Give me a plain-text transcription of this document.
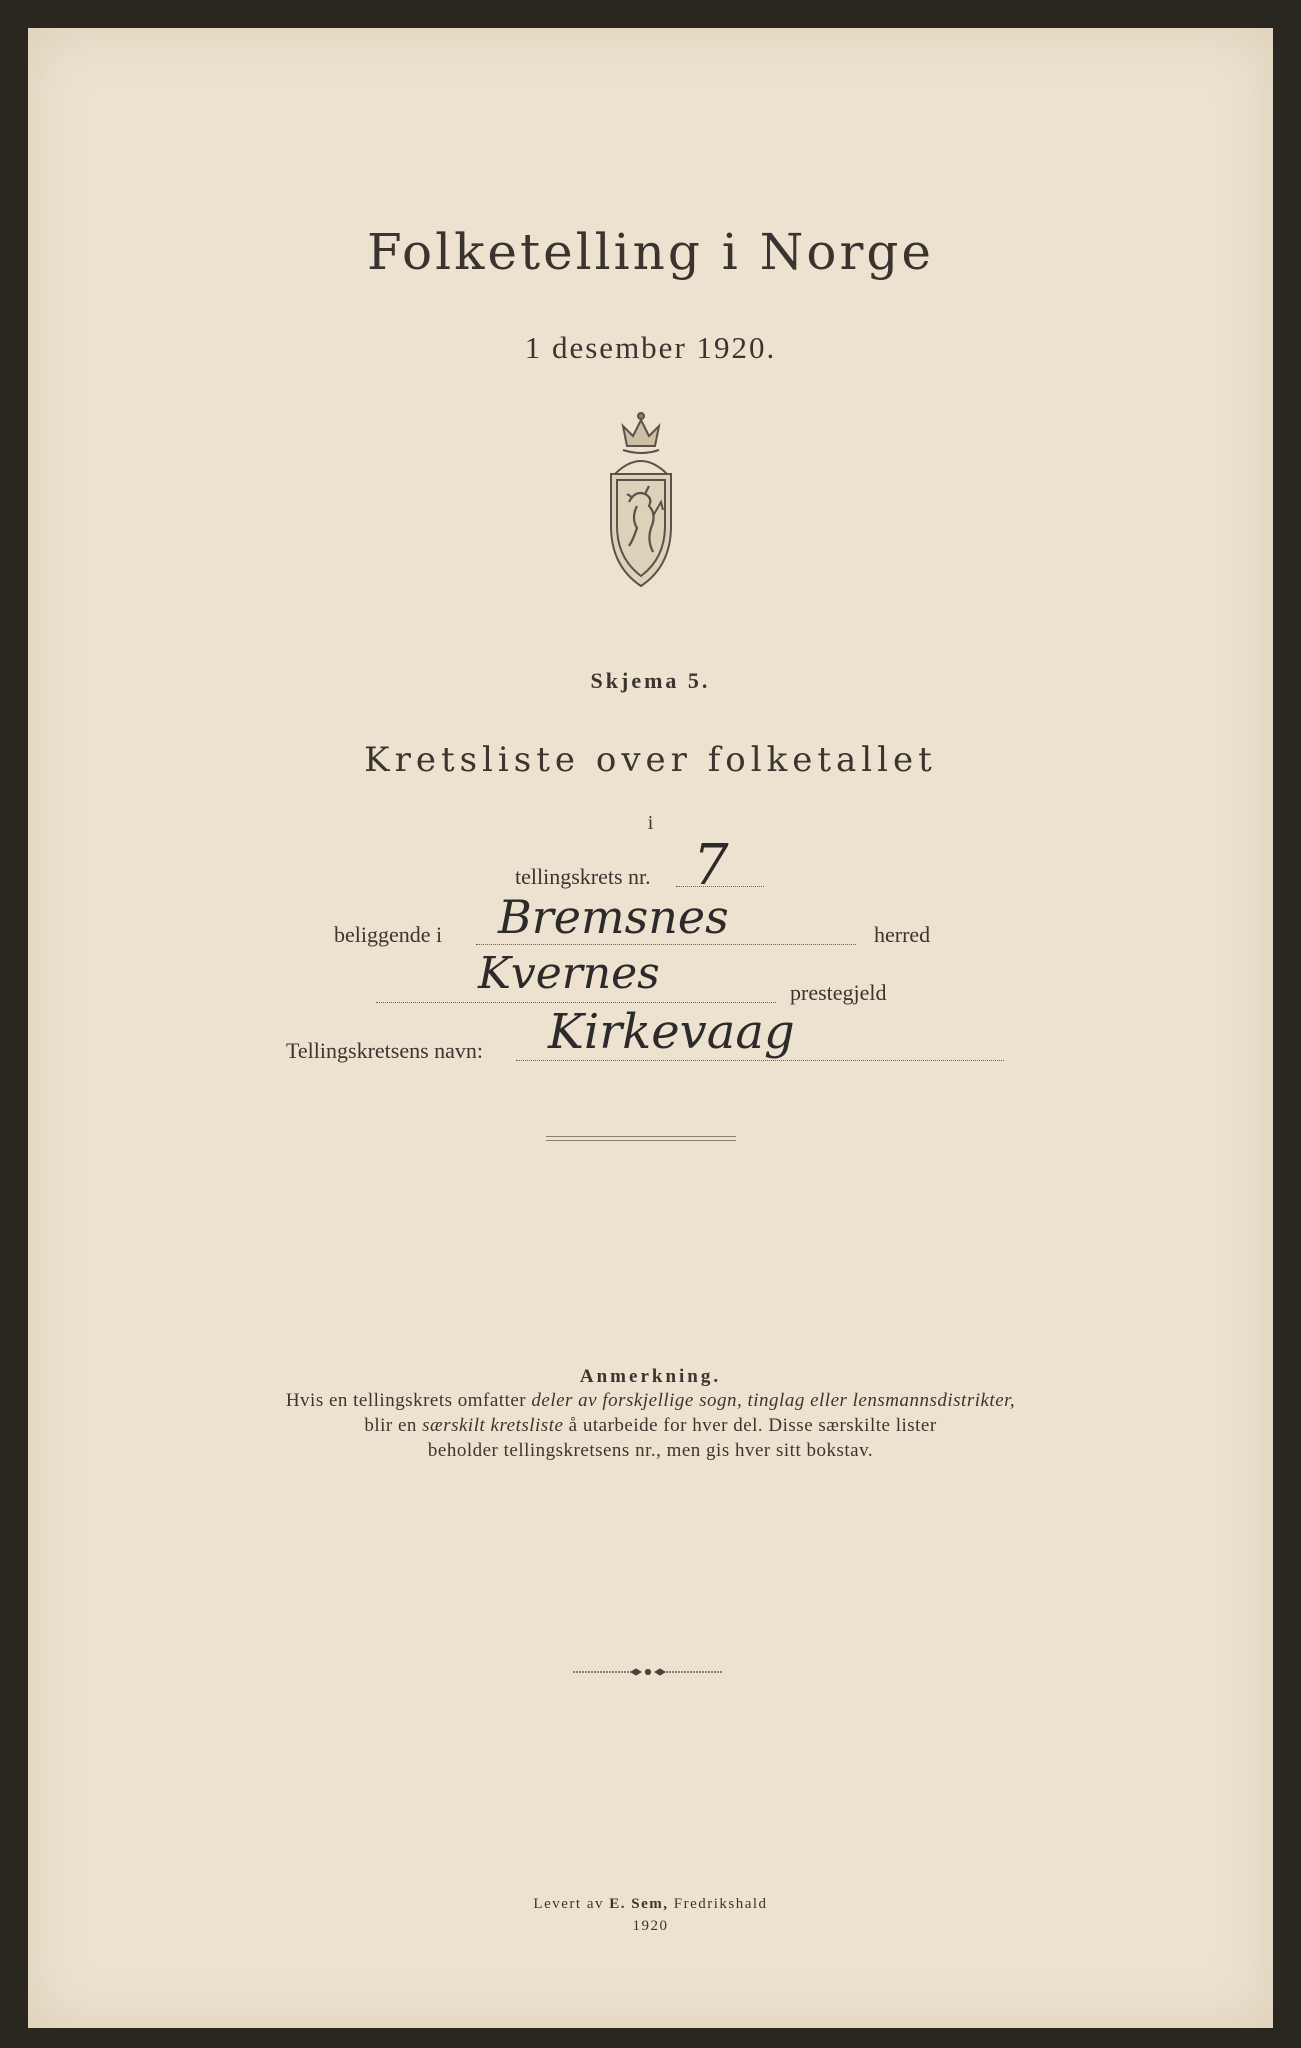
Folketelling i Norge
1 desember 1920.
Skjema 5.
Kretsliste over folketallet
i
tellingskrets nr. 7
beliggende i Bremsnes	herred
Kvernes	prestegjeld
Tellingskretsens navn: Kirkevaag
Anmerkning.
Hvis en tellingskrets omfatter deler av forskjellige sogn, tinglag eller lensmannsdistrikter,
blir en særskilt kretsliste å utarbeide for hver del. Disse særskilte lister
beholder tellingskretsens nr., men gis hver sitt bokstav.
Levert av E. Sem, Fredrikshald
1920
